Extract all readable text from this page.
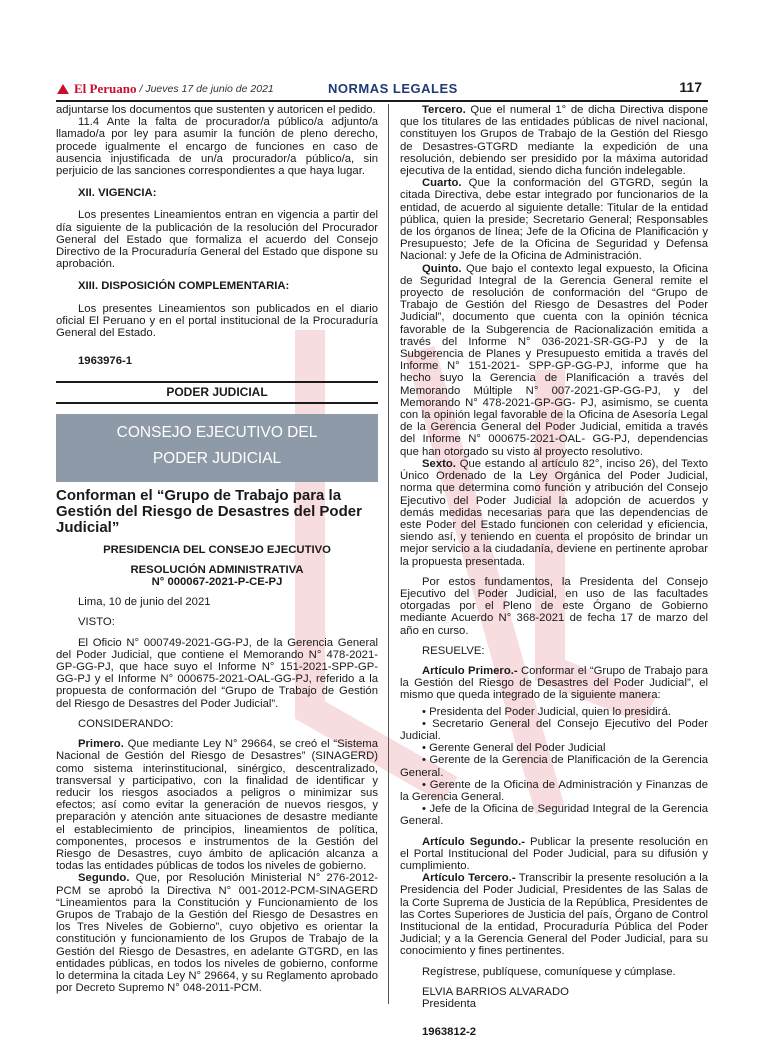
El Peruano / Jueves 17 de junio de 2021	NORMAS LEGALES	117

adjuntarse los documentos que sustenten y autoricen el pedido.

11.4 Ante la falta de procurador/a público/a adjunto/a llamado/a por ley para asumir la función de pleno derecho, procede igualmente el encargo de funciones en caso de ausencia injustificada de un/a procurador/a público/a, sin perjuicio de las sanciones correspondientes a que haya lugar.

XII. VIGENCIA:

Los presentes Lineamientos entran en vigencia a partir del día siguiente de la publicación de la resolución del Procurador General del Estado que formaliza el acuerdo del Consejo Directivo de la Procuraduría General del Estado que dispone su aprobación.

XIII. DISPOSICIÓN COMPLEMENTARIA:

Los presentes Lineamientos son publicados en el diario oficial El Peruano y en el portal institucional de la Procuraduría General del Estado.

1963976-1
PODER JUDICIAL
CONSEJO EJECUTIVO DEL
PODER JUDICIAL
Conforman el “Grupo de Trabajo para la Gestión del Riesgo de Desastres del Poder Judicial”

PRESIDENCIA DEL CONSEJO EJECUTIVO

RESOLUCIÓN ADMINISTRATIVA

N° 000067-2021-P-CE-PJ

Lima, 10 de junio del 2021

VISTO:

El Oficio N° 000749-2021-GG-PJ, de la Gerencia General del Poder Judicial, que contiene el Memorando N° 478-2021-GP-GG-PJ, que hace suyo el Informe N° 151-2021-SPP-GP-GG-PJ y el Informe N° 000675-2021-OAL-GG-PJ, referido a la propuesta de conformación del “Grupo de Trabajo de Gestión del Riesgo de Desastres del Poder Judicial”.

CONSIDERANDO:

Primero. Que mediante Ley N° 29664, se creó el “Sistema Nacional de Gestión del Riesgo de Desastres” (SINAGERD) como sistema interinstitucional, sinérgico, descentralizado, transversal y participativo, con la finalidad de identificar y reducir los riesgos asociados a peligros o minimizar sus efectos; así como evitar la generación de nuevos riesgos, y preparación y atención ante situaciones de desastre mediante el establecimiento de principios, lineamientos de política, componentes, procesos e instrumentos de la Gestión del Riesgo de Desastres, cuyo ámbito de aplicación alcanza a todas las entidades públicas de todos los niveles de gobierno.

Segundo. Que, por Resolución Ministerial N° 276-2012-PCM se aprobó la Directiva N° 001-2012-PCM-SINAGERD “Lineamientos para la Constitución y Funcionamiento de los Grupos de Trabajo de la Gestión del Riesgo de Desastres en los Tres Niveles de Gobierno”, cuyo objetivo es orientar la constitución y funcionamiento de los Grupos de Trabajo de la Gestión del Riesgo de Desastres, en adelante GTGRD, en las entidades públicas, en todos los niveles de gobierno, conforme lo determina la citada Ley N° 29664, y su Reglamento aprobado por Decreto Supremo N° 048-2011-PCM.

Tercero. Que el numeral 1° de dicha Directiva dispone que los titulares de las entidades públicas de nivel nacional, constituyen los Grupos de Trabajo de la Gestión del Riesgo de Desastres-GTGRD mediante la expedición de una resolución, debiendo ser presidido por la máxima autoridad ejecutiva de la entidad, siendo dicha función indelegable.

Cuarto. Que la conformación del GTGRD, según la citada Directiva, debe estar integrado por funcionarios de la entidad, de acuerdo al siguiente detalle: Titular de la entidad pública, quien la preside; Secretario General; Responsables de los órganos de línea; Jefe de la Oficina de Planificación y Presupuesto; Jefe de la Oficina de Seguridad y Defensa Nacional: y Jefe de la Oficina de Administración.

Quinto. Que bajo el contexto legal expuesto, la Oficina de Seguridad Integral de la Gerencia General remite el proyecto de resolución de conformación del “Grupo de Trabajo de Gestión del Riesgo de Desastres del Poder Judicial”, documento que cuenta con la opinión técnica favorable de la Subgerencia de Racionalización emitida a través del Informe N° 036-2021-SR-GG-PJ y de la Subgerencia de Planes y Presupuesto emitida a través del Informe N° 151-2021- SPP-GP-GG-PJ, informe que ha hecho suyo la Gerencia de Planificación a través del Memorando Múltiple N° 007-2021-GP-GG-PJ, y del Memorando N° 478-2021-GP-GG- PJ, asimismo, se cuenta con la opinión legal favorable de la Oficina de Asesoría Legal de la Gerencia General del Poder Judicial, emitida a través del Informe N° 000675-2021-OAL- GG-PJ, dependencias que han otorgado su visto al proyecto resolutivo.

Sexto. Que estando al artículo 82°, inciso 26), del Texto Único Ordenado de la Ley Orgánica del Poder Judicial, norma que determina como función y atribución del Consejo Ejecutivo del Poder Judicial la adopción de acuerdos y demás medidas necesarias para que las dependencias de este Poder del Estado funcionen con celeridad y eficiencia, siendo así, y teniendo en cuenta el propósito de brindar un mejor servicio a la ciudadanía, deviene en pertinente aprobar la propuesta presentada.

Por estos fundamentos, la Presidenta del Consejo Ejecutivo del Poder Judicial, en uso de las facultades otorgadas por el Pleno de este Órgano de Gobierno mediante Acuerdo N° 368-2021 de fecha 17 de marzo del año en curso.

RESUELVE:

Artículo Primero.- Conformar el “Grupo de Trabajo para la Gestión del Riesgo de Desastres del Poder Judicial”, el mismo que queda integrado de la siguiente manera:

• Presidenta del Poder Judicial, quien lo presidirá.

• Secretario General del Consejo Ejecutivo del Poder Judicial.

• Gerente General del Poder Judicial

• Gerente de la Gerencia de Planificación de la Gerencia General.

• Gerente de la Oficina de Administración y Finanzas de la Gerencia General.

• Jefe de la Oficina de Seguridad Integral de la Gerencia General.

Artículo Segundo.- Publicar la presente resolución en el Portal Institucional del Poder Judicial, para su difusión y cumplimiento.

Artículo Tercero.- Transcribir la presente resolución a la Presidencia del Poder Judicial, Presidentes de las Salas de la Corte Suprema de Justicia de la República, Presidentes de las Cortes Superiores de Justicia del país, Órgano de Control Institucional de la entidad, Procuraduría Pública del Poder Judicial; y a la Gerencia General del Poder Judicial, para su conocimiento y fines pertinentes.

Regístrese, publíquese, comuníquese y cúmplase.

ELVIA BARRIOS ALVARADO

Presidenta

1963812-2
